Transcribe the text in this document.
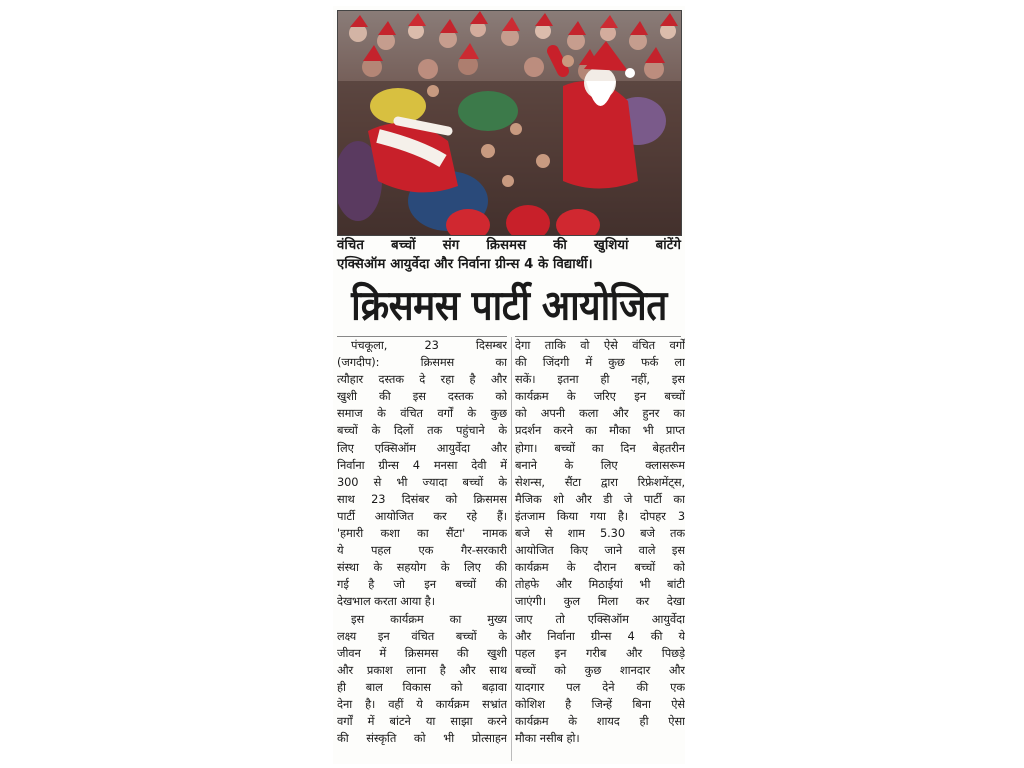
वंचित बच्चों संग क्रिसमस की खुशियां बांटेंगे
एक्सिऑम आयुर्वेदा और निर्वाना ग्रीन्स 4 के विद्यार्थी।
क्रिसमस पार्टी आयोजित
पंचकूला, 23 दिसम्बर
(जगदीप): क्रिसमस का
त्यौहार दस्तक दे रहा है और
खुशी की इस दस्तक को
समाज के वंचित वर्गों के कुछ
बच्चों के दिलों तक पहुंचाने के
लिए एक्सिऑम आयुर्वेदा और
निर्वाना ग्रीन्स 4 मनसा देवी में
300 से भी ज्यादा बच्चों के
साथ 23 दिसंबर को क्रिसमस
पार्टी आयोजित कर रहे हैं।
'हमारी कशा का सैंटा' नामक
ये पहल एक गैर-सरकारी
संस्था के सहयोग के लिए की
गई है जो इन बच्चों की
देखभाल करता आया है।
इस कार्यक्रम का मुख्य
लक्ष्य इन वंचित बच्चों के
जीवन में क्रिसमस की खुशी
और प्रकाश लाना है और साथ
ही बाल विकास को बढ़ावा
देना है। वहीं ये कार्यक्रम सभ्रांत
वर्गों में बांटने या साझा करने
की संस्कृति को भी प्रोत्साहन
देगा ताकि वो ऐसे वंचित वर्गों
की जिंदगी में कुछ फर्क ला
सकें। इतना ही नहीं, इस
कार्यक्रम के जरिए इन बच्चों
को अपनी कला और हुनर का
प्रदर्शन करने का मौका भी प्राप्त
होगा। बच्चों का दिन बेहतरीन
बनाने के लिए क्लासरूम
सेशन्स, सैंटा द्वारा रिफ्रेशमेंट्स,
मैजिक शो और डी जे पार्टी का
इंतजाम किया गया है। दोपहर 3
बजे से शाम 5.30 बजे तक
आयोजित किए जाने वाले इस
कार्यक्रम के दौरान बच्चों को
तोहफे और मिठाईयां भी बांटी
जाएंगी। कुल मिला कर देखा
जाए तो एक्सिऑम आयुर्वेदा
और निर्वाना ग्रीन्स 4 की ये
पहल इन गरीब और पिछड़े
बच्चों को कुछ शानदार और
यादगार पल देने की एक
कोशिश है जिन्हें बिना ऐसे
कार्यक्रम के शायद ही ऐसा
मौका नसीब हो।
